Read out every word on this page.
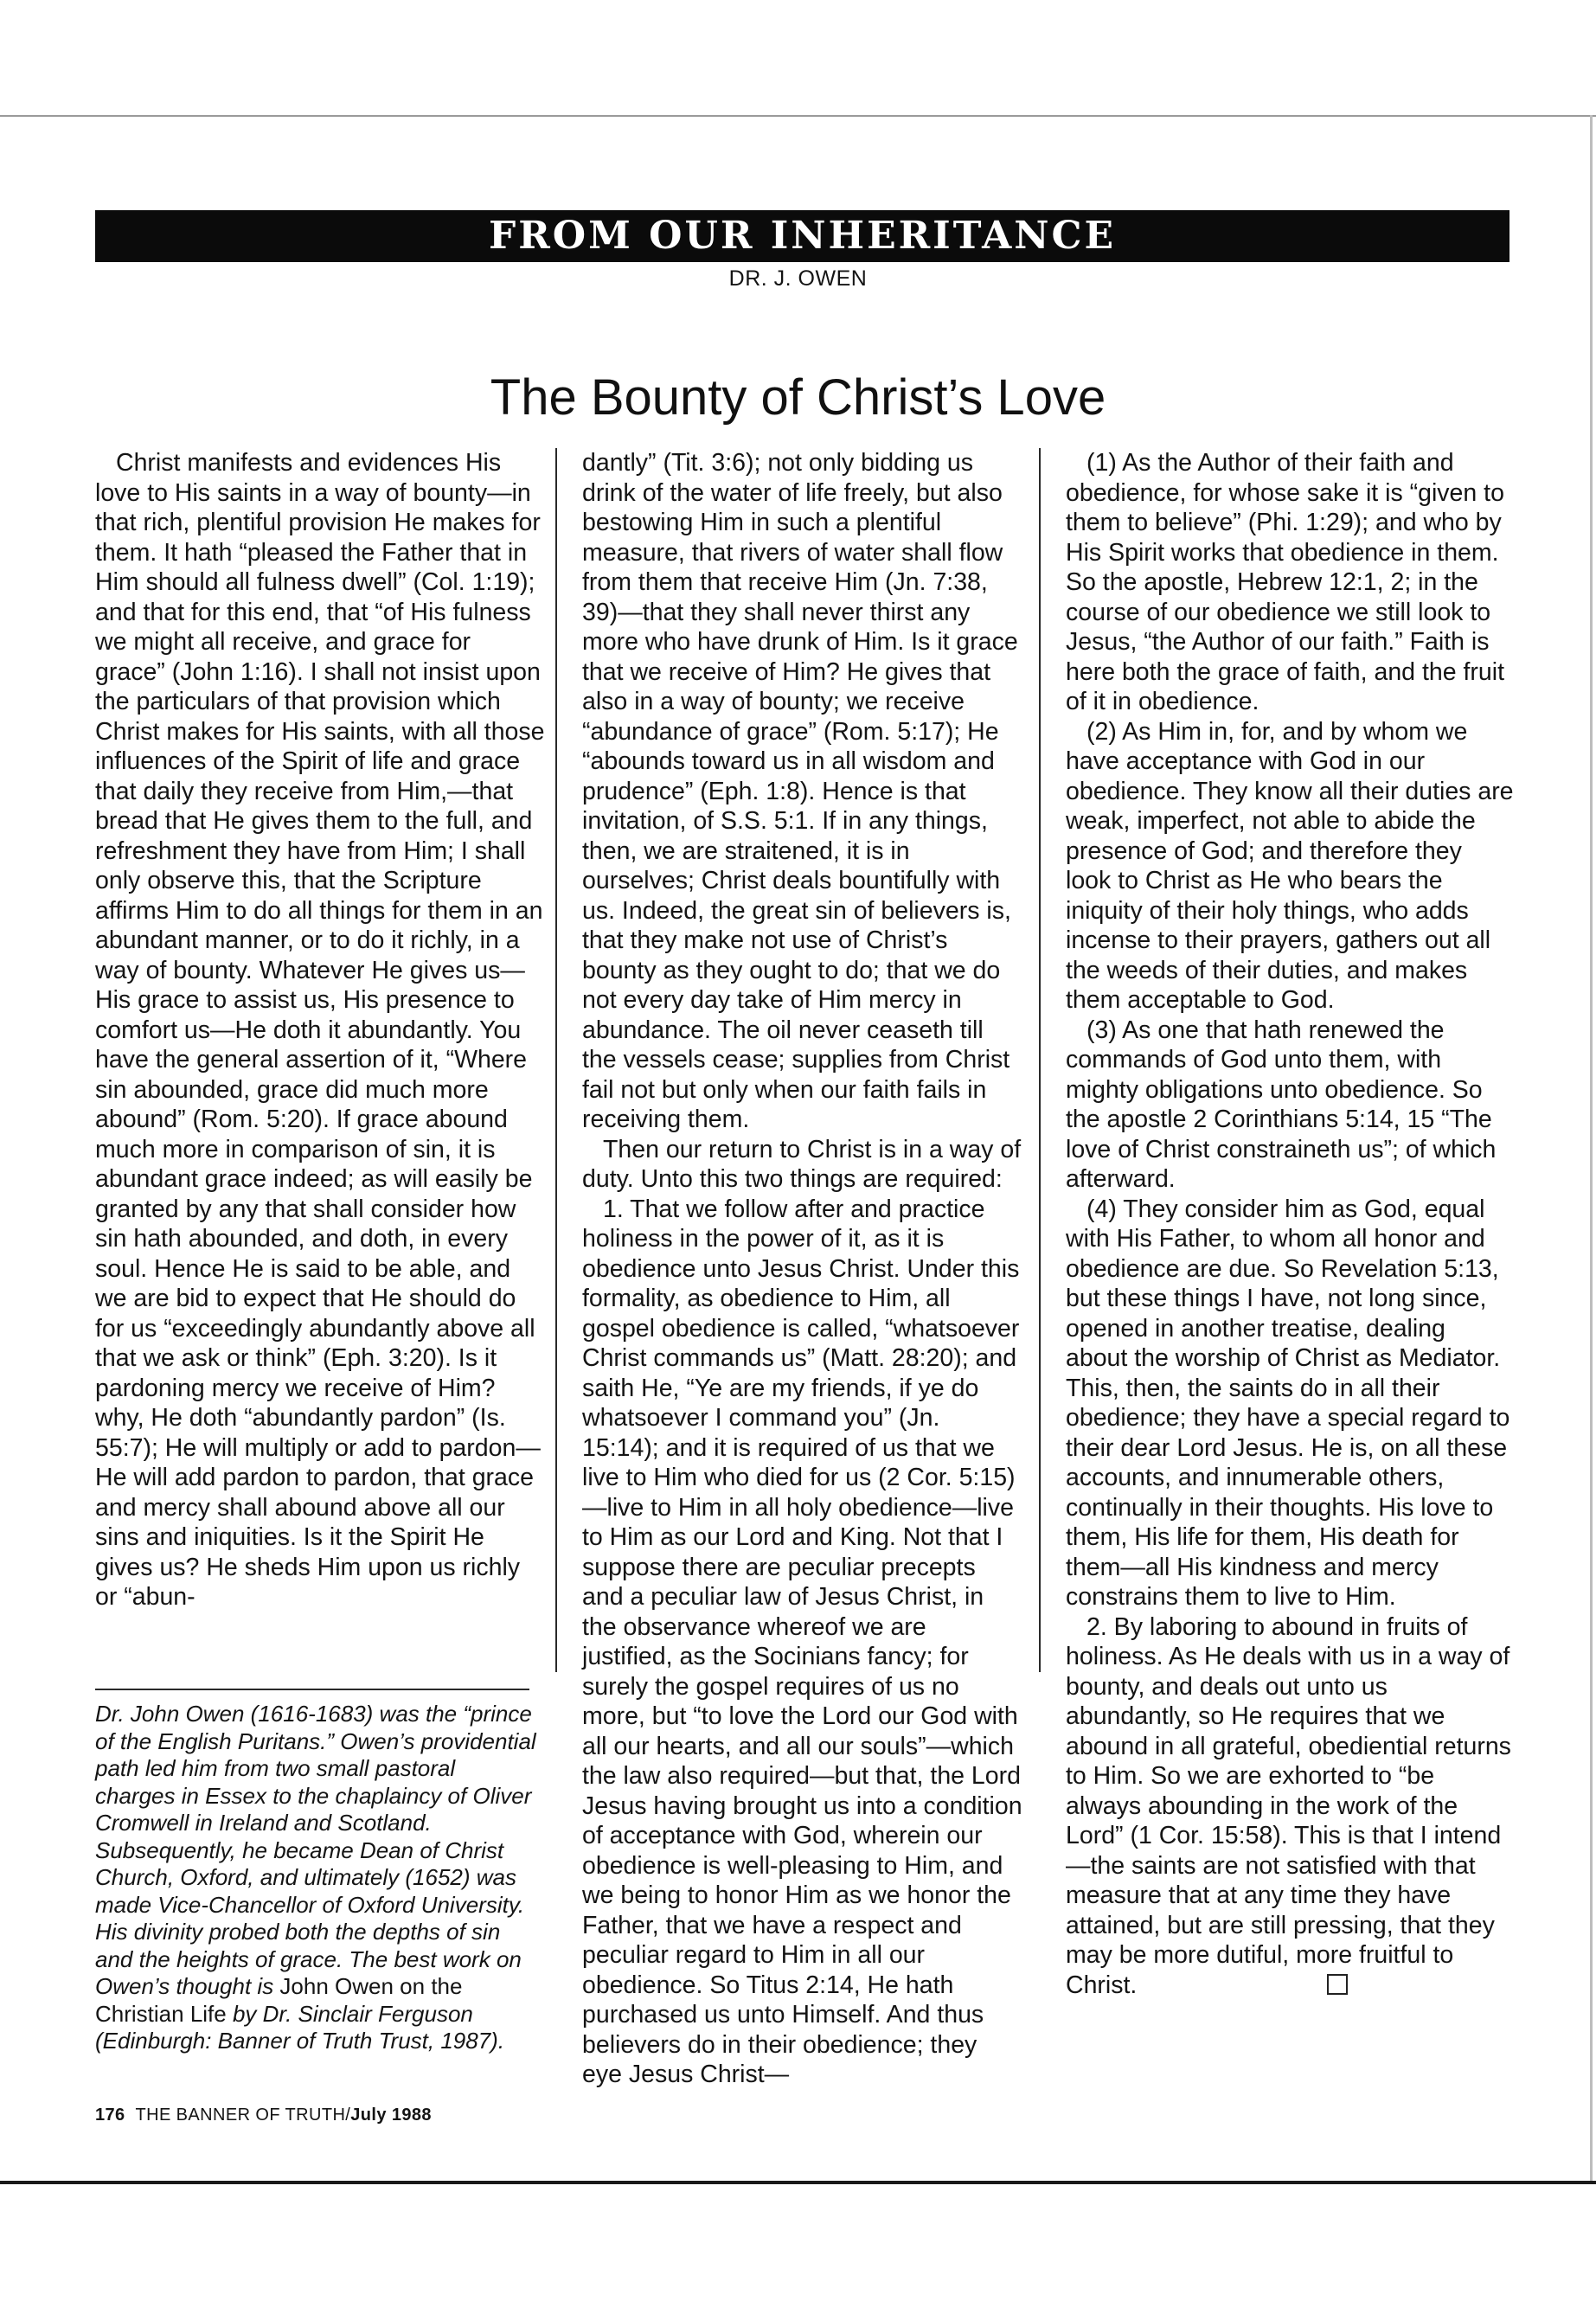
FROM OUR INHERITANCE
DR. J. OWEN
The Bounty of Christ’s Love

Christ manifests and evidences His love to His saints in a way of bounty—in that rich, plentiful provision He makes for them. It hath “pleased the Father that in Him should all fulness dwell” (Col. 1:19); and that for this end, that “of His fulness we might all receive, and grace for grace” (John 1:16). I shall not insist upon the particulars of that provision which Christ makes for His saints, with all those influences of the Spirit of life and grace that daily they receive from Him,—that bread that He gives them to the full, and refreshment they have from Him; I shall only observe this, that the Scripture affirms Him to do all things for them in an abundant manner, or to do it richly, in a way of bounty. Whatever He gives us—His grace to assist us, His presence to comfort us—He doth it abundantly. You have the general assertion of it, “Where sin abounded, grace did much more abound” (Rom. 5:20). If grace abound much more in comparison of sin, it is abundant grace indeed; as will easily be granted by any that shall consider how sin hath abounded, and doth, in every soul. Hence He is said to be able, and we are bid to expect that He should do for us “exceedingly abundantly above all that we ask or think” (Eph. 3:20). Is it pardoning mercy we receive of Him? why, He doth “abundantly pardon” (Is. 55:7); He will multiply or add to pardon—He will add pardon to pardon, that grace and mercy shall abound above all our sins and iniquities. Is it the Spirit He gives us? He sheds Him upon us richly or “abun-

Dr. John Owen (1616-1683) was the “prince of the English Puritans.” Owen’s providential path led him from two small pastoral charges in Essex to the chaplaincy of Oliver Cromwell in Ireland and Scotland. Subsequently, he became Dean of Christ Church, Oxford, and ultimately (1652) was made Vice-Chancellor of Oxford University. His divinity probed both the depths of sin and the heights of grace. The best work on Owen’s thought is John Owen on the Christian Life by Dr. Sinclair Ferguson (Edinburgh: Banner of Truth Trust, 1987).
176 THE BANNER OF TRUTH/July 1988

dantly” (Tit. 3:6); not only bidding us drink of the water of life freely, but also bestowing Him in such a plentiful measure, that rivers of water shall flow from them that receive Him (Jn. 7:38, 39)—that they shall never thirst any more who have drunk of Him. Is it grace that we receive of Him? He gives that also in a way of bounty; we receive “abundance of grace” (Rom. 5:17); He “abounds toward us in all wisdom and prudence” (Eph. 1:8). Hence is that invitation, of S.S. 5:1. If in any things, then, we are straitened, it is in ourselves; Christ deals bountifully with us. Indeed, the great sin of believers is, that they make not use of Christ’s bounty as they ought to do; that we do not every day take of Him mercy in abundance. The oil never ceaseth till the vessels cease; supplies from Christ fail not but only when our faith fails in receiving them.

Then our return to Christ is in a way of duty. Unto this two things are required:

1. That we follow after and practice holiness in the power of it, as it is obedience unto Jesus Christ. Under this formality, as obedience to Him, all gospel obedience is called, “whatsoever Christ commands us” (Matt. 28:20); and saith He, “Ye are my friends, if ye do whatsoever I command you” (Jn. 15:14); and it is required of us that we live to Him who died for us (2 Cor. 5:15)—live to Him in all holy obedience—live to Him as our Lord and King. Not that I suppose there are peculiar precepts and a peculiar law of Jesus Christ, in the observance whereof we are justified, as the Socinians fancy; for surely the gospel requires of us no more, but “to love the Lord our God with all our hearts, and all our souls”—which the law also required—but that, the Lord Jesus having brought us into a condition of acceptance with God, wherein our obedience is well-pleasing to Him, and we being to honor Him as we honor the Father, that we have a respect and peculiar regard to Him in all our obedience. So Titus 2:14, He hath purchased us unto Himself. And thus believers do in their obedience; they eye Jesus Christ—

(1) As the Author of their faith and obedience, for whose sake it is “given to them to believe” (Phi. 1:29); and who by His Spirit works that obedience in them. So the apostle, Hebrew 12:1, 2; in the course of our obedience we still look to Jesus, “the Author of our faith.” Faith is here both the grace of faith, and the fruit of it in obedience.

(2) As Him in, for, and by whom we have acceptance with God in our obedience. They know all their duties are weak, imperfect, not able to abide the presence of God; and therefore they look to Christ as He who bears the iniquity of their holy things, who adds incense to their prayers, gathers out all the weeds of their duties, and makes them acceptable to God.

(3) As one that hath renewed the commands of God unto them, with mighty obligations unto obedience. So the apostle 2 Corinthians 5:14, 15 “The love of Christ constraineth us”; of which afterward.

(4) They consider him as God, equal with His Father, to whom all honor and obedience are due. So Revelation 5:13, but these things I have, not long since, opened in another treatise, dealing about the worship of Christ as Mediator. This, then, the saints do in all their obedience; they have a special regard to their dear Lord Jesus. He is, on all these accounts, and innumerable others, continually in their thoughts. His love to them, His life for them, His death for them—all His kindness and mercy constrains them to live to Him.

2. By laboring to abound in fruits of holiness. As He deals with us in a way of bounty, and deals out unto us abundantly, so He requires that we abound in all grateful, obediential returns to Him. So we are exhorted to “be always abounding in the work of the Lord” (1 Cor. 15:58). This is that I intend—the saints are not satisfied with that measure that at any time they have attained, but are still pressing, that they may be more dutiful, more fruitful to Christ.
